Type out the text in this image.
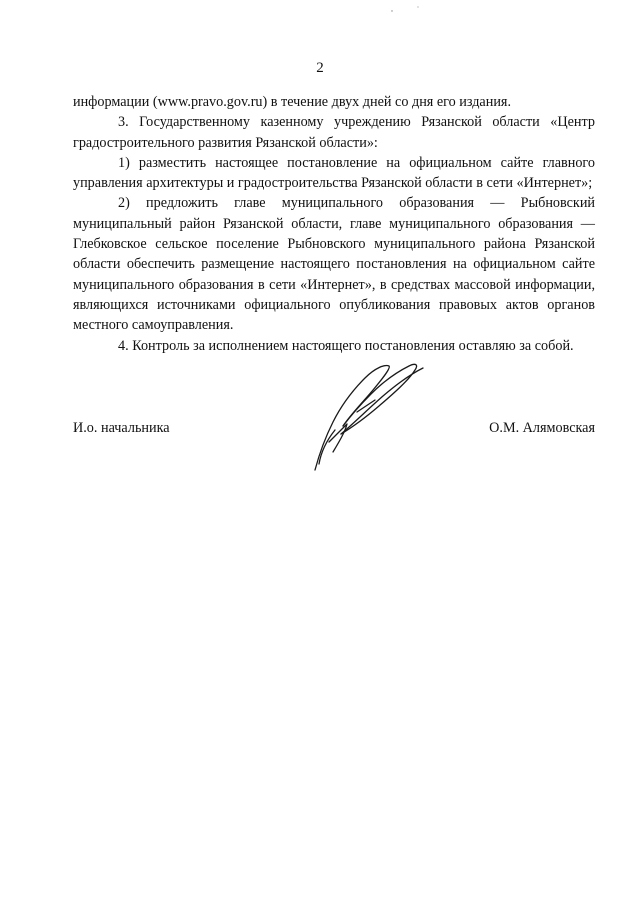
2

информации (www.pravo.gov.ru) в течение двух дней со дня его издания.

3. Государственному казенному учреждению Рязанской области «Центр градостроительного развития Рязанской области»:

1) разместить настоящее постановление на официальном сайте главного управления архитектуры и градостроительства Рязанской области в сети «Интернет»;

2) предложить главе муниципального образования — Рыбновский муниципальный район Рязанской области, главе муниципального образования — Глебковское сельское поселение Рыбновского муниципального района Рязанской области обеспечить размещение настоящего постановления на официальном сайте муниципального образования в сети «Интернет», в средствах массовой информации, являющихся источниками официального опубликования правовых актов органов местного самоуправления.

4. Контроль за исполнением настоящего постановления оставляю за собой.

И.о. начальника	О.М. Алямовская
